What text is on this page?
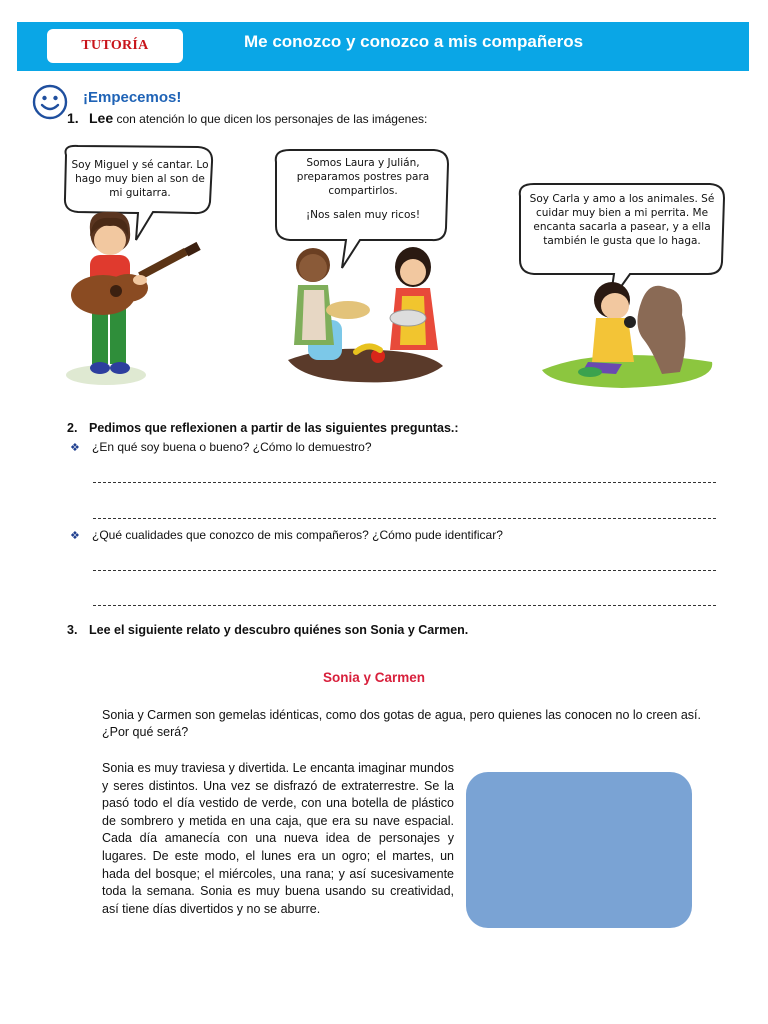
TUTORÍA	Me conozco y conozco a mis compañeros
¡Empecemos!
1. Lee con atención lo que dicen los personajes de las imágenes:
Soy Miguel y sé cantar. Lo hago muy bien al son de mi guitarra.
Somos Laura y Julián, preparamos postres para compartirlos.
¡Nos salen muy ricos!
Soy Carla y amo a los animales. Sé cuidar muy bien a mi perrita. Me encanta sacarla a pasear, y a ella también le gusta que lo haga.
2. Pedimos que reflexionen a partir de las siguientes preguntas.:
❖ ¿En qué soy buena o bueno? ¿Cómo lo demuestro?
❖ ¿Qué cualidades que conozco de mis compañeros? ¿Cómo pude identificar?
3. Lee el siguiente relato y descubro quiénes son Sonia y Carmen.
Sonia y Carmen
Sonia y Carmen son gemelas idénticas, como dos gotas de agua, pero quienes las conocen no lo creen así. ¿Por qué será?
Sonia es muy traviesa y divertida. Le encanta imaginar mundos y seres distintos. Una vez se disfrazó de extraterrestre. Se la pasó todo el día vestido de verde, con una botella de plástico de sombrero y metida en una caja, que era su nave espacial. Cada día amanecía con una nueva idea de personajes y lugares. De este modo, el lunes era un ogro; el martes, un hada del bosque; el miércoles, una rana; y así sucesivamente toda la semana. Sonia es muy buena usando su creatividad, así tiene días divertidos y no se aburre.
